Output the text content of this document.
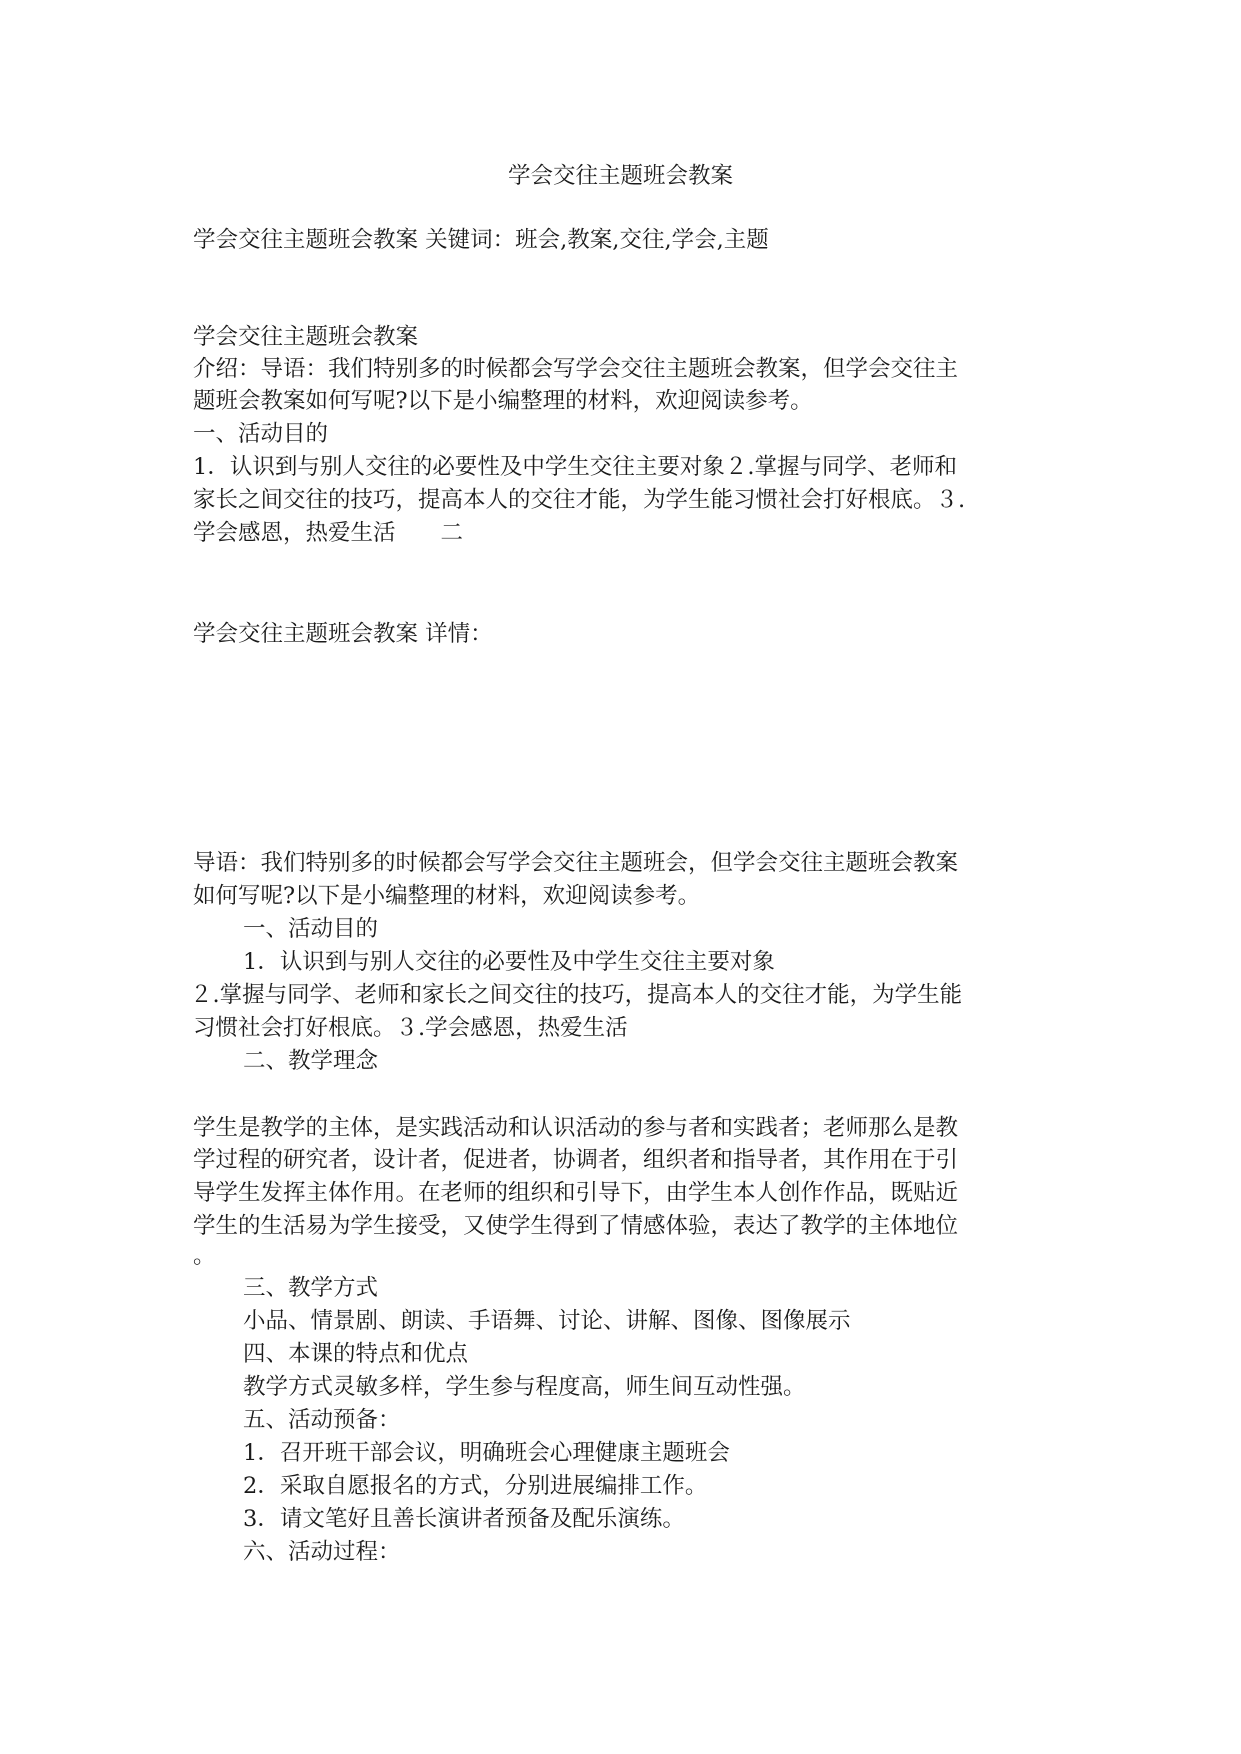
学会交往主题班会教案
学会交往主题班会教案 关键词：班会,教案,交往,学会,主题
学会交往主题班会教案
介绍：导语：我们特别多的时候都会写学会交往主题班会教案，但学会交往主
题班会教案如何写呢?以下是小编整理的材料，欢迎阅读参考。
一、活动目的
1．认识到与别人交往的必要性及中学生交往主要对象２.掌握与同学、老师和
家长之间交往的技巧，提高本人的交往才能，为学生能习惯社会打好根底。３.
学会感恩，热爱生活　　二
学会交往主题班会教案 详情：
导语：我们特别多的时候都会写学会交往主题班会，但学会交往主题班会教案
如何写呢?以下是小编整理的材料，欢迎阅读参考。
一、活动目的
1．认识到与别人交往的必要性及中学生交往主要对象
２.掌握与同学、老师和家长之间交往的技巧，提高本人的交往才能，为学生能
习惯社会打好根底。３.学会感恩，热爱生活
二、教学理念
学生是教学的主体，是实践活动和认识活动的参与者和实践者；老师那么是教
学过程的研究者，设计者，促进者，协调者，组织者和指导者，其作用在于引
导学生发挥主体作用。在老师的组织和引导下，由学生本人创作作品，既贴近
学生的生活易为学生接受，又使学生得到了情感体验，表达了教学的主体地位
。
三、教学方式
小品、情景剧、朗读、手语舞、讨论、讲解、图像、图像展示
四、本课的特点和优点
教学方式灵敏多样，学生参与程度高，师生间互动性强。
五、活动预备：
1．召开班干部会议，明确班会心理健康主题班会
2．采取自愿报名的方式，分别进展编排工作。
3．请文笔好且善长演讲者预备及配乐演练。
六、活动过程：
